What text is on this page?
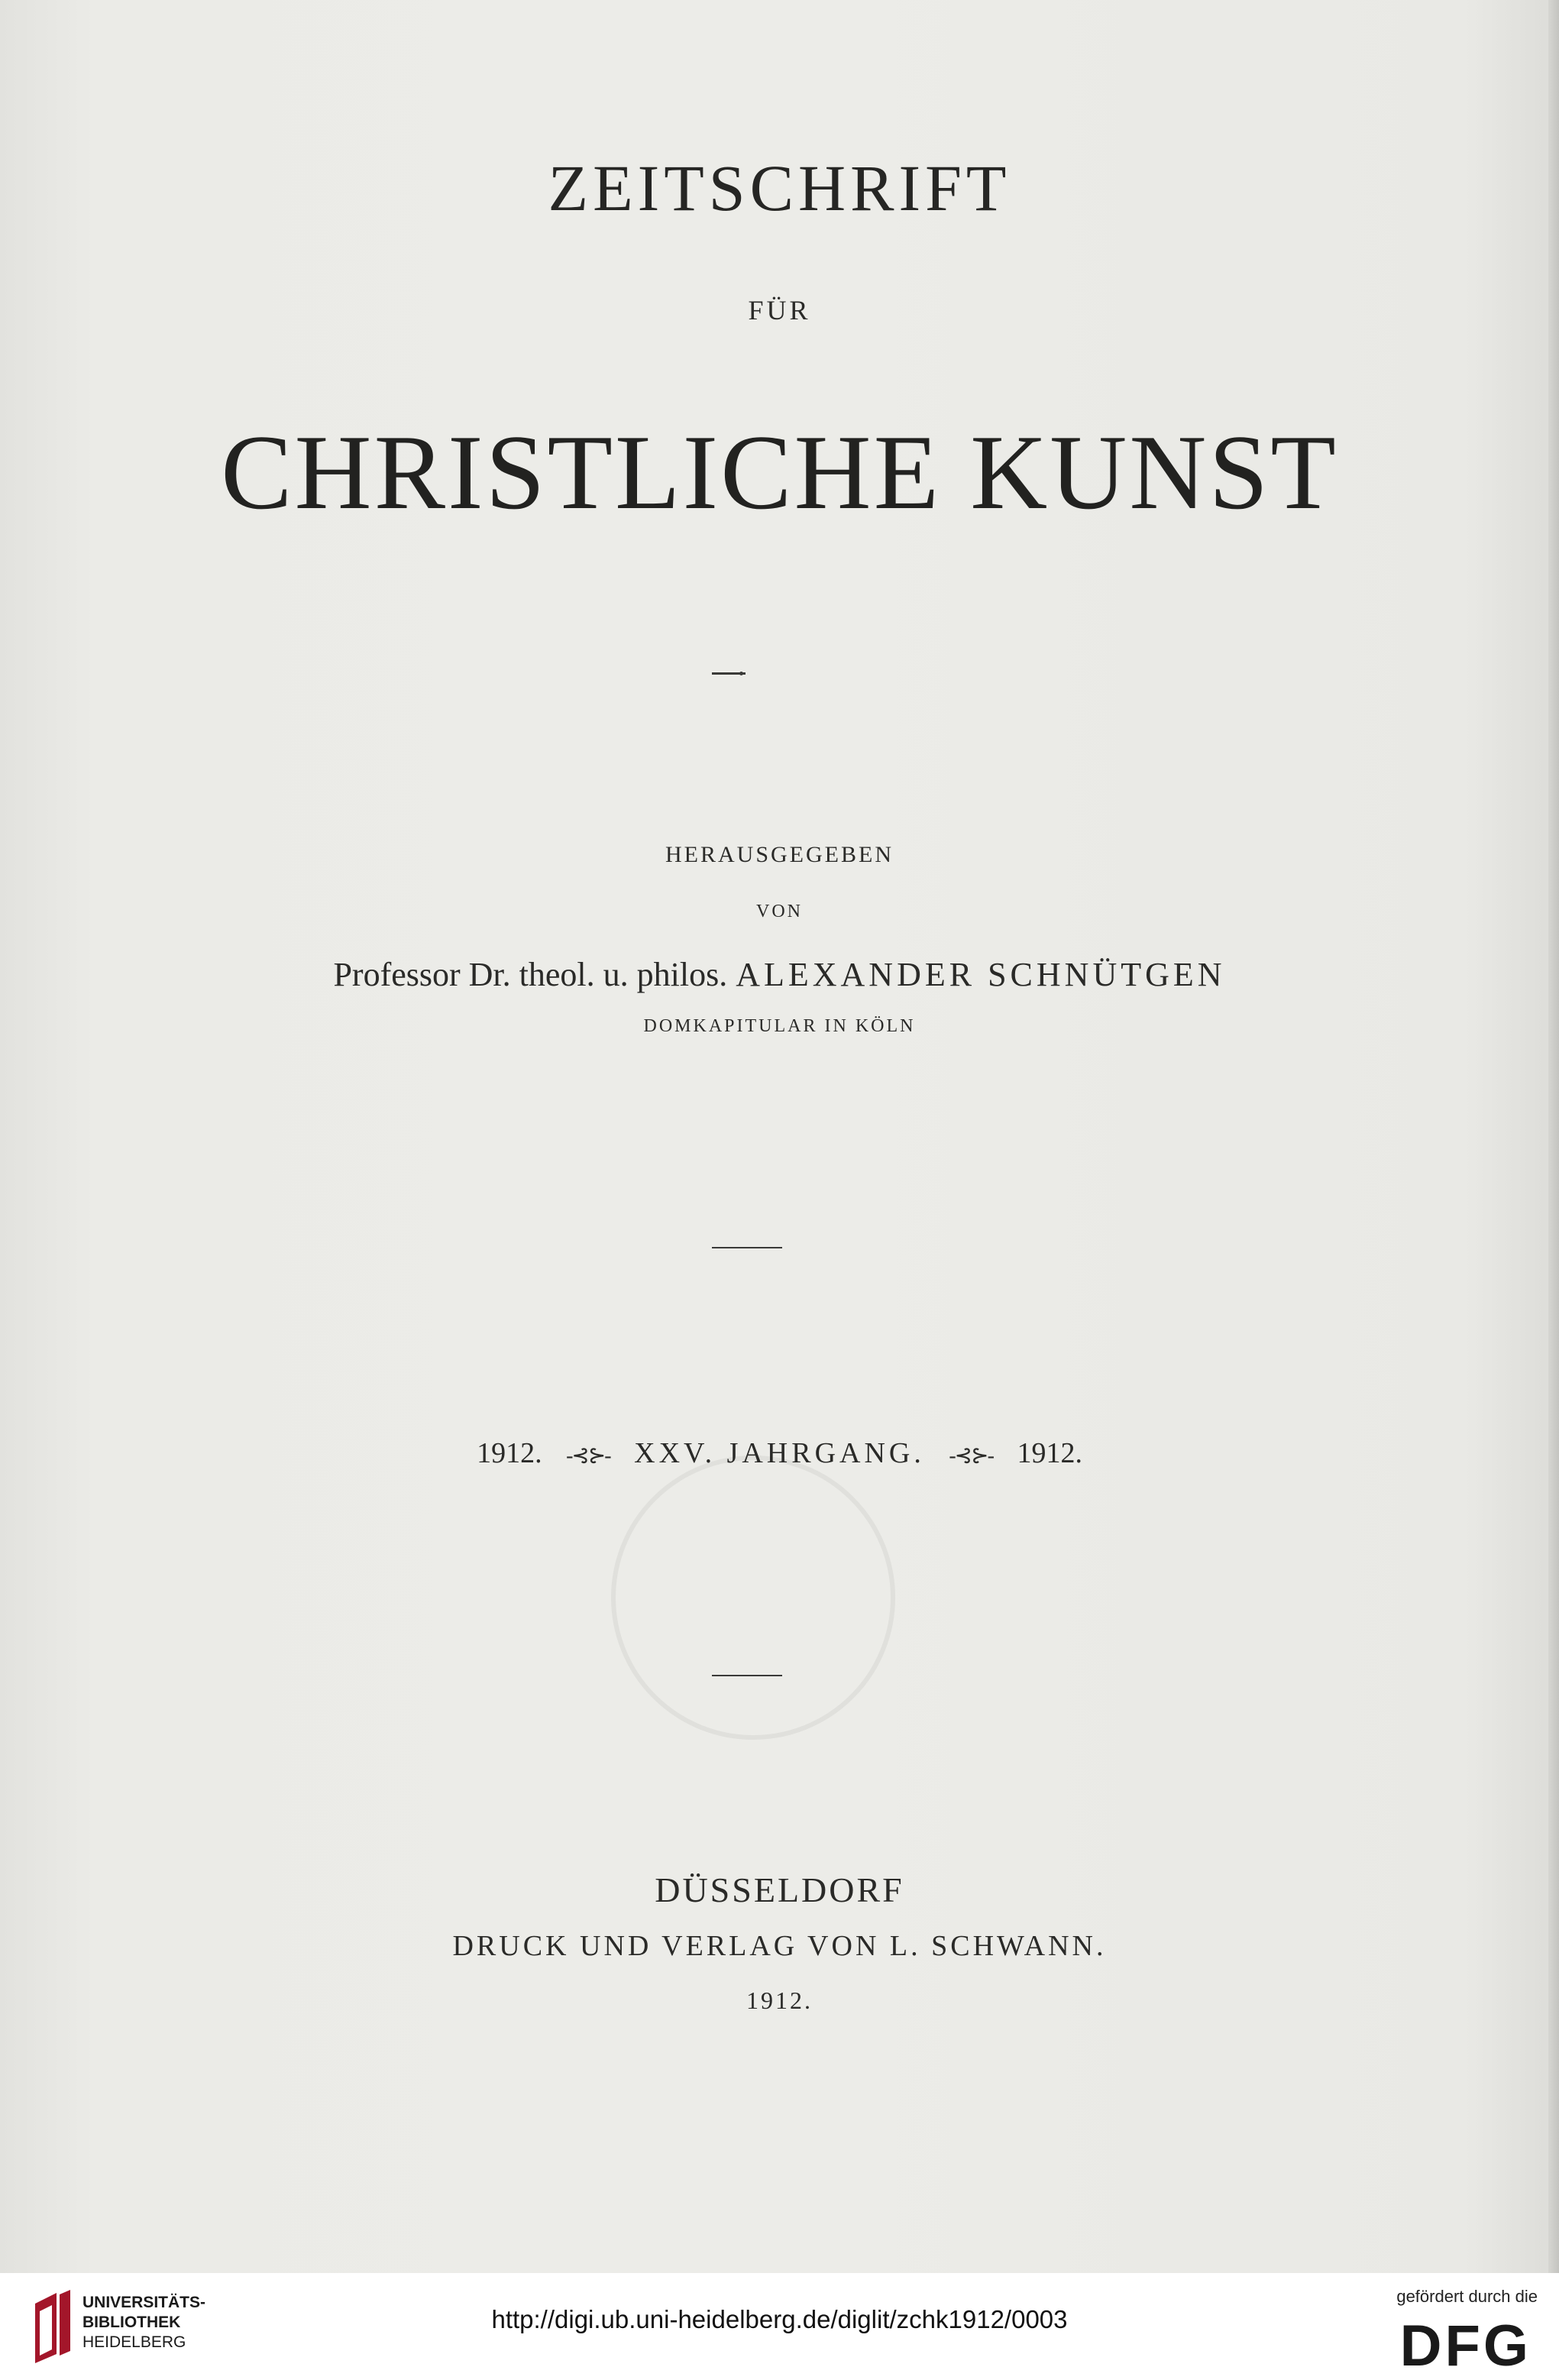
ZEITSCHRIFT
FÜR
CHRISTLICHE KUNST
HERAUSGEGEBEN
VON
Professor Dr. theol. u. philos. ALEXANDER SCHNÜTGEN
DOMKAPITULAR IN KÖLN
1912. -⊰⊱- XXV. JAHRGANG. -⊰⊱- 1912.
DÜSSELDORF
DRUCK UND VERLAG VON L. SCHWANN.
1912.
UNIVERSITÄTS-
BIBLIOTHEK
HEIDELBERG
http://digi.ub.uni-heidelberg.de/diglit/zchk1912/0003
gefördert durch die
DFG
